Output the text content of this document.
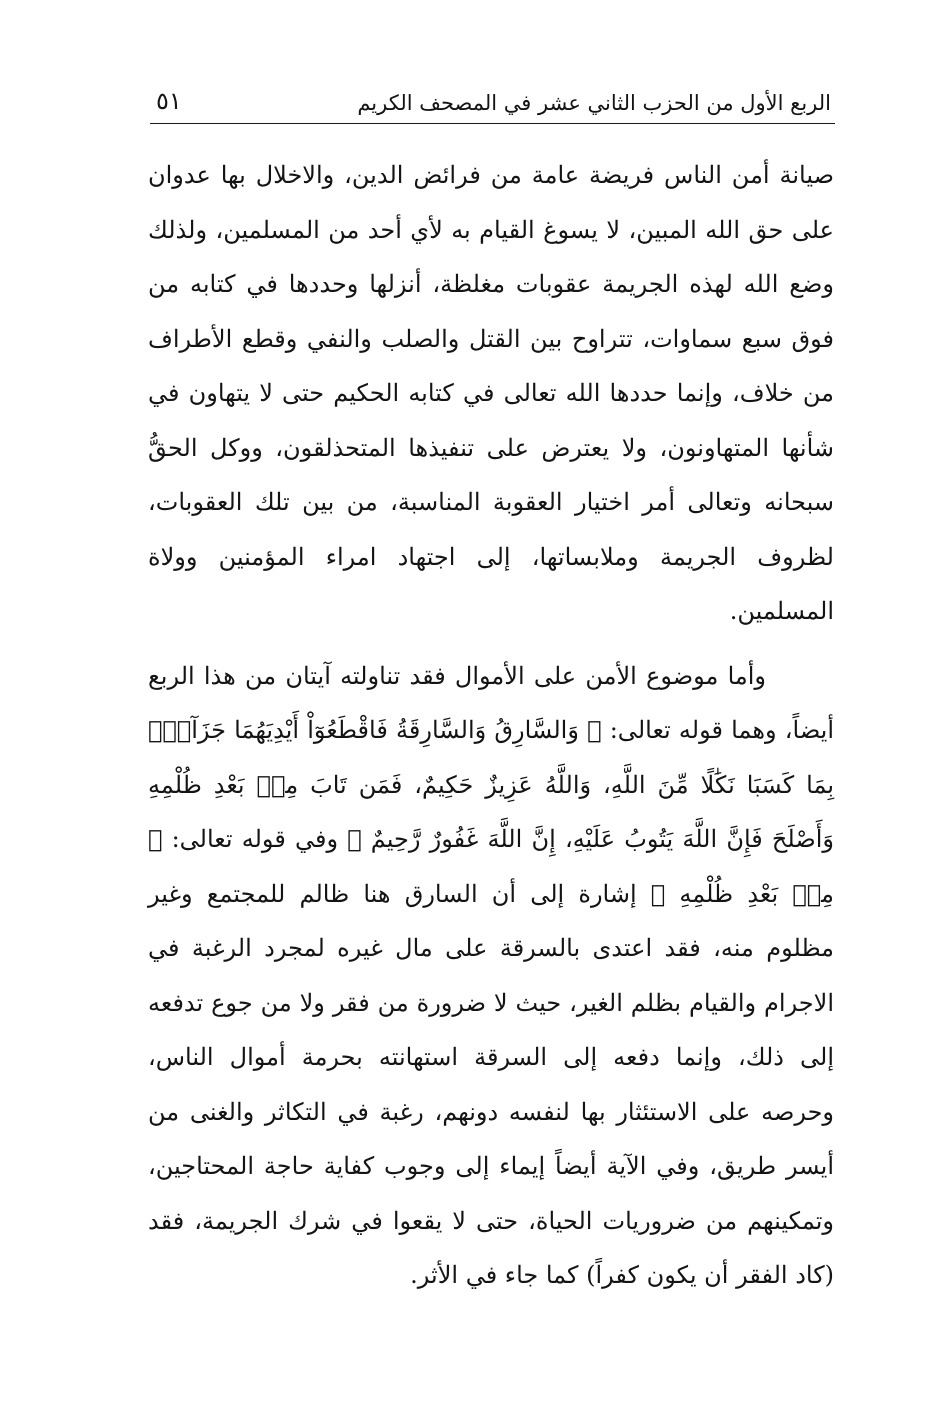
الربع الأول من الحزب الثاني عشر في المصحف الكريم
٥١

صيانة أمن الناس فريضة عامة من فرائض الدين، والاخلال بها عدوان على حق الله المبين، لا يسوغ القيام به لأي أحد من المسلمين، ولذلك وضع الله لهذه الجريمة عقوبات مغلظة، أنزلها وحددها في كتابه من فوق سبع سماوات، تتراوح بين القتل والصلب والنفي وقطع الأطراف من خلاف، وإنما حددها الله تعالى في كتابه الحكيم حتى لا يتهاون في شأنها المتهاونون، ولا يعترض على تنفيذها المتحذلقون، ووكل الحقُّ سبحانه وتعالى أمر اختيار العقوبة المناسبة، من بين تلك العقوبات، لظروف الجريمة وملابساتها، إلى اجتهاد امراء المؤمنين وولاة المسلمين.

وأما موضوع الأمن على الأموال فقد تناولته آيتان من هذا الربع أيضاً، وهما قوله تعالى: ﴿ وَالسَّارِقُ وَالسَّارِقَةُ فَاقْطَعُوٓاْ أَيْدِيَهُمَا جَزَآءَۢ بِمَا كَسَبَا نَكَٰلًا مِّنَ اللَّهِ، وَاللَّهُ عَزِيزٌ حَكِيمٌ، فَمَن تَابَ مِنۢ بَعْدِ ظُلْمِهِ وَأَصْلَحَ فَإِنَّ اللَّهَ يَتُوبُ عَلَيْهِ، إِنَّ اللَّهَ غَفُورٌ رَّحِيمٌ ﴾ وفي قوله تعالى: ﴿ مِنۢ بَعْدِ ظُلْمِهِ ﴾ إشارة إلى أن السارق هنا ظالم للمجتمع وغير مظلوم منه، فقد اعتدى بالسرقة على مال غيره لمجرد الرغبة في الاجرام والقيام بظلم الغير، حيث لا ضرورة من فقر ولا من جوع تدفعه إلى ذلك، وإنما دفعه إلى السرقة استهانته بحرمة أموال الناس، وحرصه على الاستئثار بها لنفسه دونهم، رغبة في التكاثر والغنى من أيسر طريق، وفي الآية أيضاً إيماء إلى وجوب كفاية حاجة المحتاجين، وتمكينهم من ضروريات الحياة، حتى لا يقعوا في شرك الجريمة، فقد (كاد الفقر أن يكون كفراً) كما جاء في الأثر.
